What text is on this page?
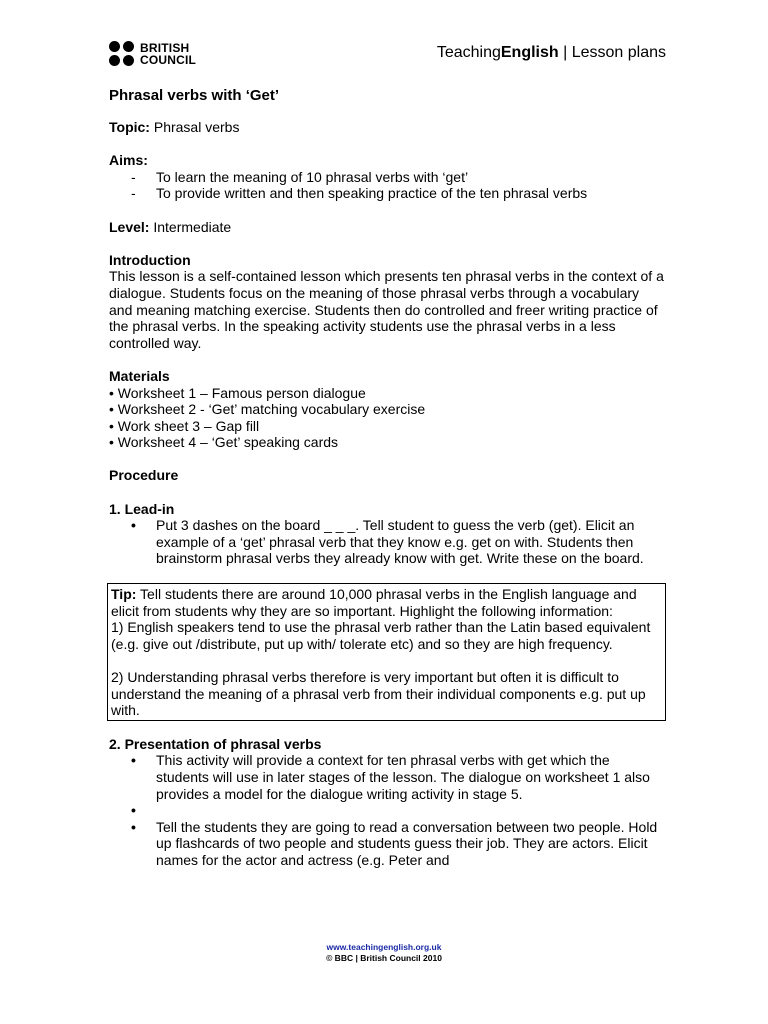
BRITISH
COUNCIL	TeachingEnglish | Lesson plans
Phrasal verbs with ‘Get’

Topic: Phrasal verbs

Aims:

- To learn the meaning of 10 phrasal verbs with ‘get’
- To provide written and then speaking practice of the ten phrasal verbs

Level: Intermediate

Introduction

This lesson is a self-contained lesson which presents ten phrasal verbs in the context of a dialogue. Students focus on the meaning of those phrasal verbs through a vocabulary and meaning matching exercise. Students then do controlled and freer writing practice of the phrasal verbs. In the speaking activity students use the phrasal verbs in a less controlled way.

Materials

• Worksheet 1 – Famous person dialogue

• Worksheet 2 - ‘Get’ matching vocabulary exercise

• Work sheet 3 – Gap fill

• Worksheet 4 – ‘Get’ speaking cards

Procedure

1. Lead-in

• Put 3 dashes on the board _ _ _. Tell student to guess the verb (get). Elicit an example of a ‘get’ phrasal verb that they know e.g. get on with. Students then brainstorm phrasal verbs they already know with get. Write these on the board.

Tip: Tell students there are around 10,000 phrasal verbs in the English language and elicit from students why they are so important. Highlight the following information:

1) English speakers tend to use the phrasal verb rather than the Latin based equivalent (e.g. give out /distribute, put up with/ tolerate etc) and so they are high frequency.

2) Understanding phrasal verbs therefore is very important but often it is difficult to understand the meaning of a phrasal verb from their individual components e.g. put up with.

2. Presentation of phrasal verbs

• This activity will provide a context for ten phrasal verbs with get which the students will use in later stages of the lesson. The dialogue on worksheet 1 also provides a model for the dialogue writing activity in stage 5.
•
• Tell the students they are going to read a conversation between two people. Hold up flashcards of two people and students guess their job. They are actors. Elicit names for the actor and actress (e.g. Peter and
www.teachingenglish.org.uk
© BBC | British Council 2010
